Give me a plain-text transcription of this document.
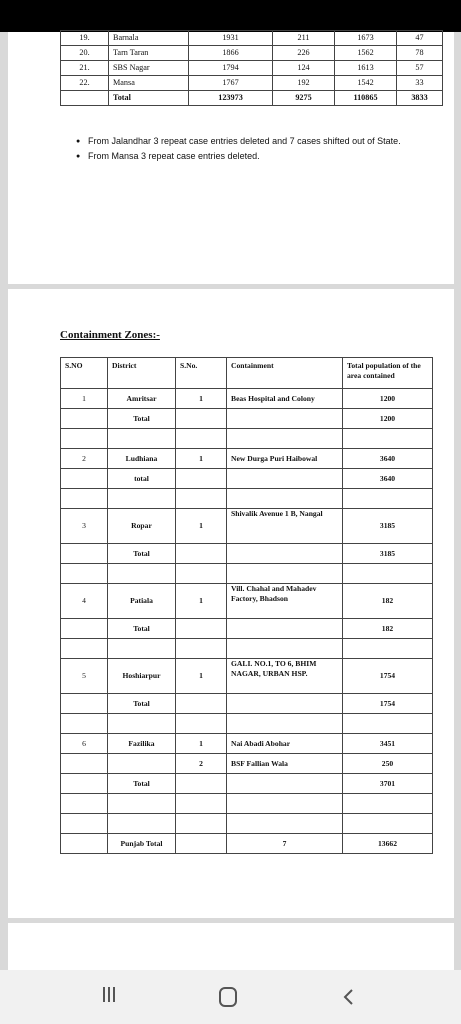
19.	Barnala	1931	211	1673	47
20.	Tarn Taran	1866	226	1562	78
21.	SBS Nagar	1794	124	1613	57
22.	Mansa	1767	192	1542	33
	Total	123973	9275	110865	3833
● From Jalandhar 3 repeat case entries deleted and 7 cases shifted out of State.
● From Mansa 3 repeat case entries deleted.
Containment Zones:-
S.NO	District	S.No.	Containment	Total population of the area contained
1	Amritsar	1	Beas Hospital and Colony	1200
	Total			1200

2	Ludhiana	1	New Durga Puri Haibowal	3640
	total			3640

3	Ropar	1	Shivalik Avenue 1 B, Nangal	3185
	Total			3185

4	Patiala	1	Vill. Chahal and Mahadev Factory, Bhadson	182
	Total			182

5	Hoshiarpur	1	GALI. NO.1, TO 6, BHIM NAGAR, URBAN HSP.	1754
	Total			1754

6	Fazilika	1	Nai Abadi Abohar	3451
		2	BSF Fallian Wala	250
	Total			3701

	Punjab Total		7	13662
